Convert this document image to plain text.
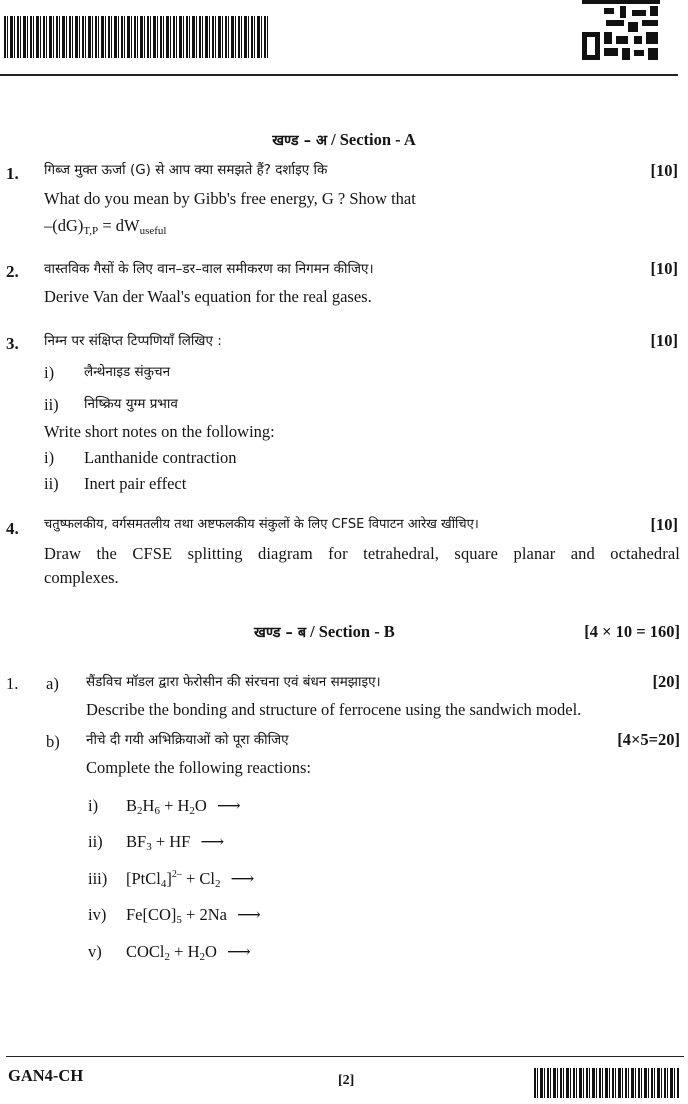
खण्ड – अ / Section - A
1. गिब्ज मुक्त ऊर्जा (G) से आप क्या समझते हैं? दर्शाइए कि	[10]
What do you mean by Gibb's free energy, G ? Show that
$-(dG)_{T,P} = dW_{useful}$
2. वास्तविक गैसों के लिए वान–डर–वाल समीकरण का निगमन कीजिए।	[10]
Derive Van der Waal's equation for the real gases.
3. निम्न पर संक्षिप्त टिप्पणियाँ लिखिए :	[10]
i) लैन्थेनाइड संकुचन
ii) निष्क्रिय युग्म प्रभाव
Write short notes on the following:
i) Lanthanide contraction
ii) Inert pair effect
4. चतुष्फलकीय, वर्गसमतलीय तथा अष्टफलकीय संकुलों के लिए CFSE विपाटन आरेख खींचिए।	[10]
Draw the CFSE splitting diagram for tetrahedral, square planar and octahedral
complexes.
खण्ड – ब / Section - B	[4 × 10 = 160]
1. a) सैंडविच मॉडल द्वारा फेरोसीन की संरचना एवं बंधन समझाइए।	[20]
Describe the bonding and structure of ferrocene using the sandwich model.
b) नीचे दी गयी अभिक्रियाओं को पूरा कीजिए	[4×5=20]
Complete the following reactions:
i) $B_2H_6 + H_2O$ ⟶
ii) $BF_3$ + HF ⟶
iii) [PtCl$_4$]$^{2-}$ + $Cl_2$ ⟶
iv) $Fe[CO]_5 + 2Na$ ⟶
v) COCl$_2$ + $H_2O$ ⟶
GAN4-CH	[2]
